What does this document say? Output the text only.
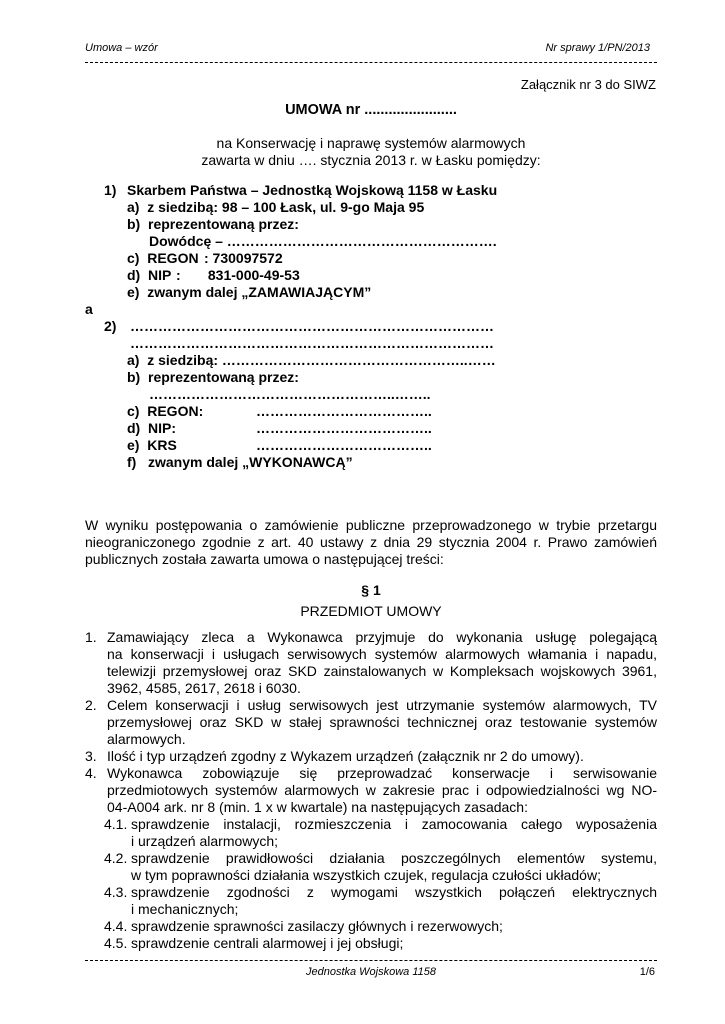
Umowa – wzór	Nr sprawy 1/PN/2013
Załącznik nr 3 do SIWZ
UMOWA nr .......................
na Konserwację i naprawę systemów alarmowych
zawarta w dniu …. stycznia 2013 r. w Łasku pomiędzy:
1) Skarbem Państwa – Jednostką Wojskową 1158 w Łasku
a)  z siedzibą: 98 – 100 Łask, ul. 9-go Maja 95
b)  reprezentowaną przez:
Dowódcę – ………………………………………………….
c)  REGON : 730097572
d)  NIP :       831-000-49-53
e)  zwanym dalej „ZAMAWIAJĄCYM”
a
2) ……………………………………………………………………
……………………………………………………………………
a)  z siedzibą: ……………………………………………..……
b)  reprezentowaną przez:
……………………………………………..……..
c)  REGON:	………………………………..
d)  NIP:	………………………………..
e)  KRS	………………………………..
f)   zwanym dalej „WYKONAWCĄ”
W wyniku postępowania o zamówienie publiczne przeprowadzonego w trybie przetargu
nieograniczonego zgodnie z art. 40 ustawy z dnia 29 stycznia 2004 r. Prawo zamówień
publicznych została zawarta umowa o następującej treści:
§ 1
PRZEDMIOT UMOWY
1. Zamawiający zleca a Wykonawca przyjmuje do wykonania usługę polegającą
na konserwacji i usługach serwisowych systemów alarmowych włamania i napadu,
telewizji przemysłowej oraz SKD zainstalowanych w Kompleksach wojskowych 3961,
3962, 4585, 2617, 2618 i 6030.
2. Celem konserwacji i usług serwisowych jest utrzymanie systemów alarmowych, TV
przemysłowej oraz SKD w stałej sprawności technicznej oraz testowanie systemów
alarmowych.
3. Ilość i typ urządzeń zgodny z Wykazem urządzeń (załącznik nr 2 do umowy).
4. Wykonawca zobowiązuje się przeprowadzać konserwacje i serwisowanie
przedmiotowych systemów alarmowych w zakresie prac i odpowiedzialności wg NO-
04-A004 ark. nr 8 (min. 1 x w kwartale) na następujących zasadach:
4.1. sprawdzenie instalacji, rozmieszczenia i zamocowania całego wyposażenia
i urządzeń alarmowych;
4.2. sprawdzenie prawidłowości działania poszczególnych elementów systemu,
w tym poprawności działania wszystkich czujek, regulacja czułości układów;
4.3. sprawdzenie zgodności z wymogami wszystkich połączeń elektrycznych
i mechanicznych;
4.4. sprawdzenie sprawności zasilaczy głównych i rezerwowych;
4.5. sprawdzenie centrali alarmowej i jej obsługi;
Jednostka Wojskowa 1158	1/6
